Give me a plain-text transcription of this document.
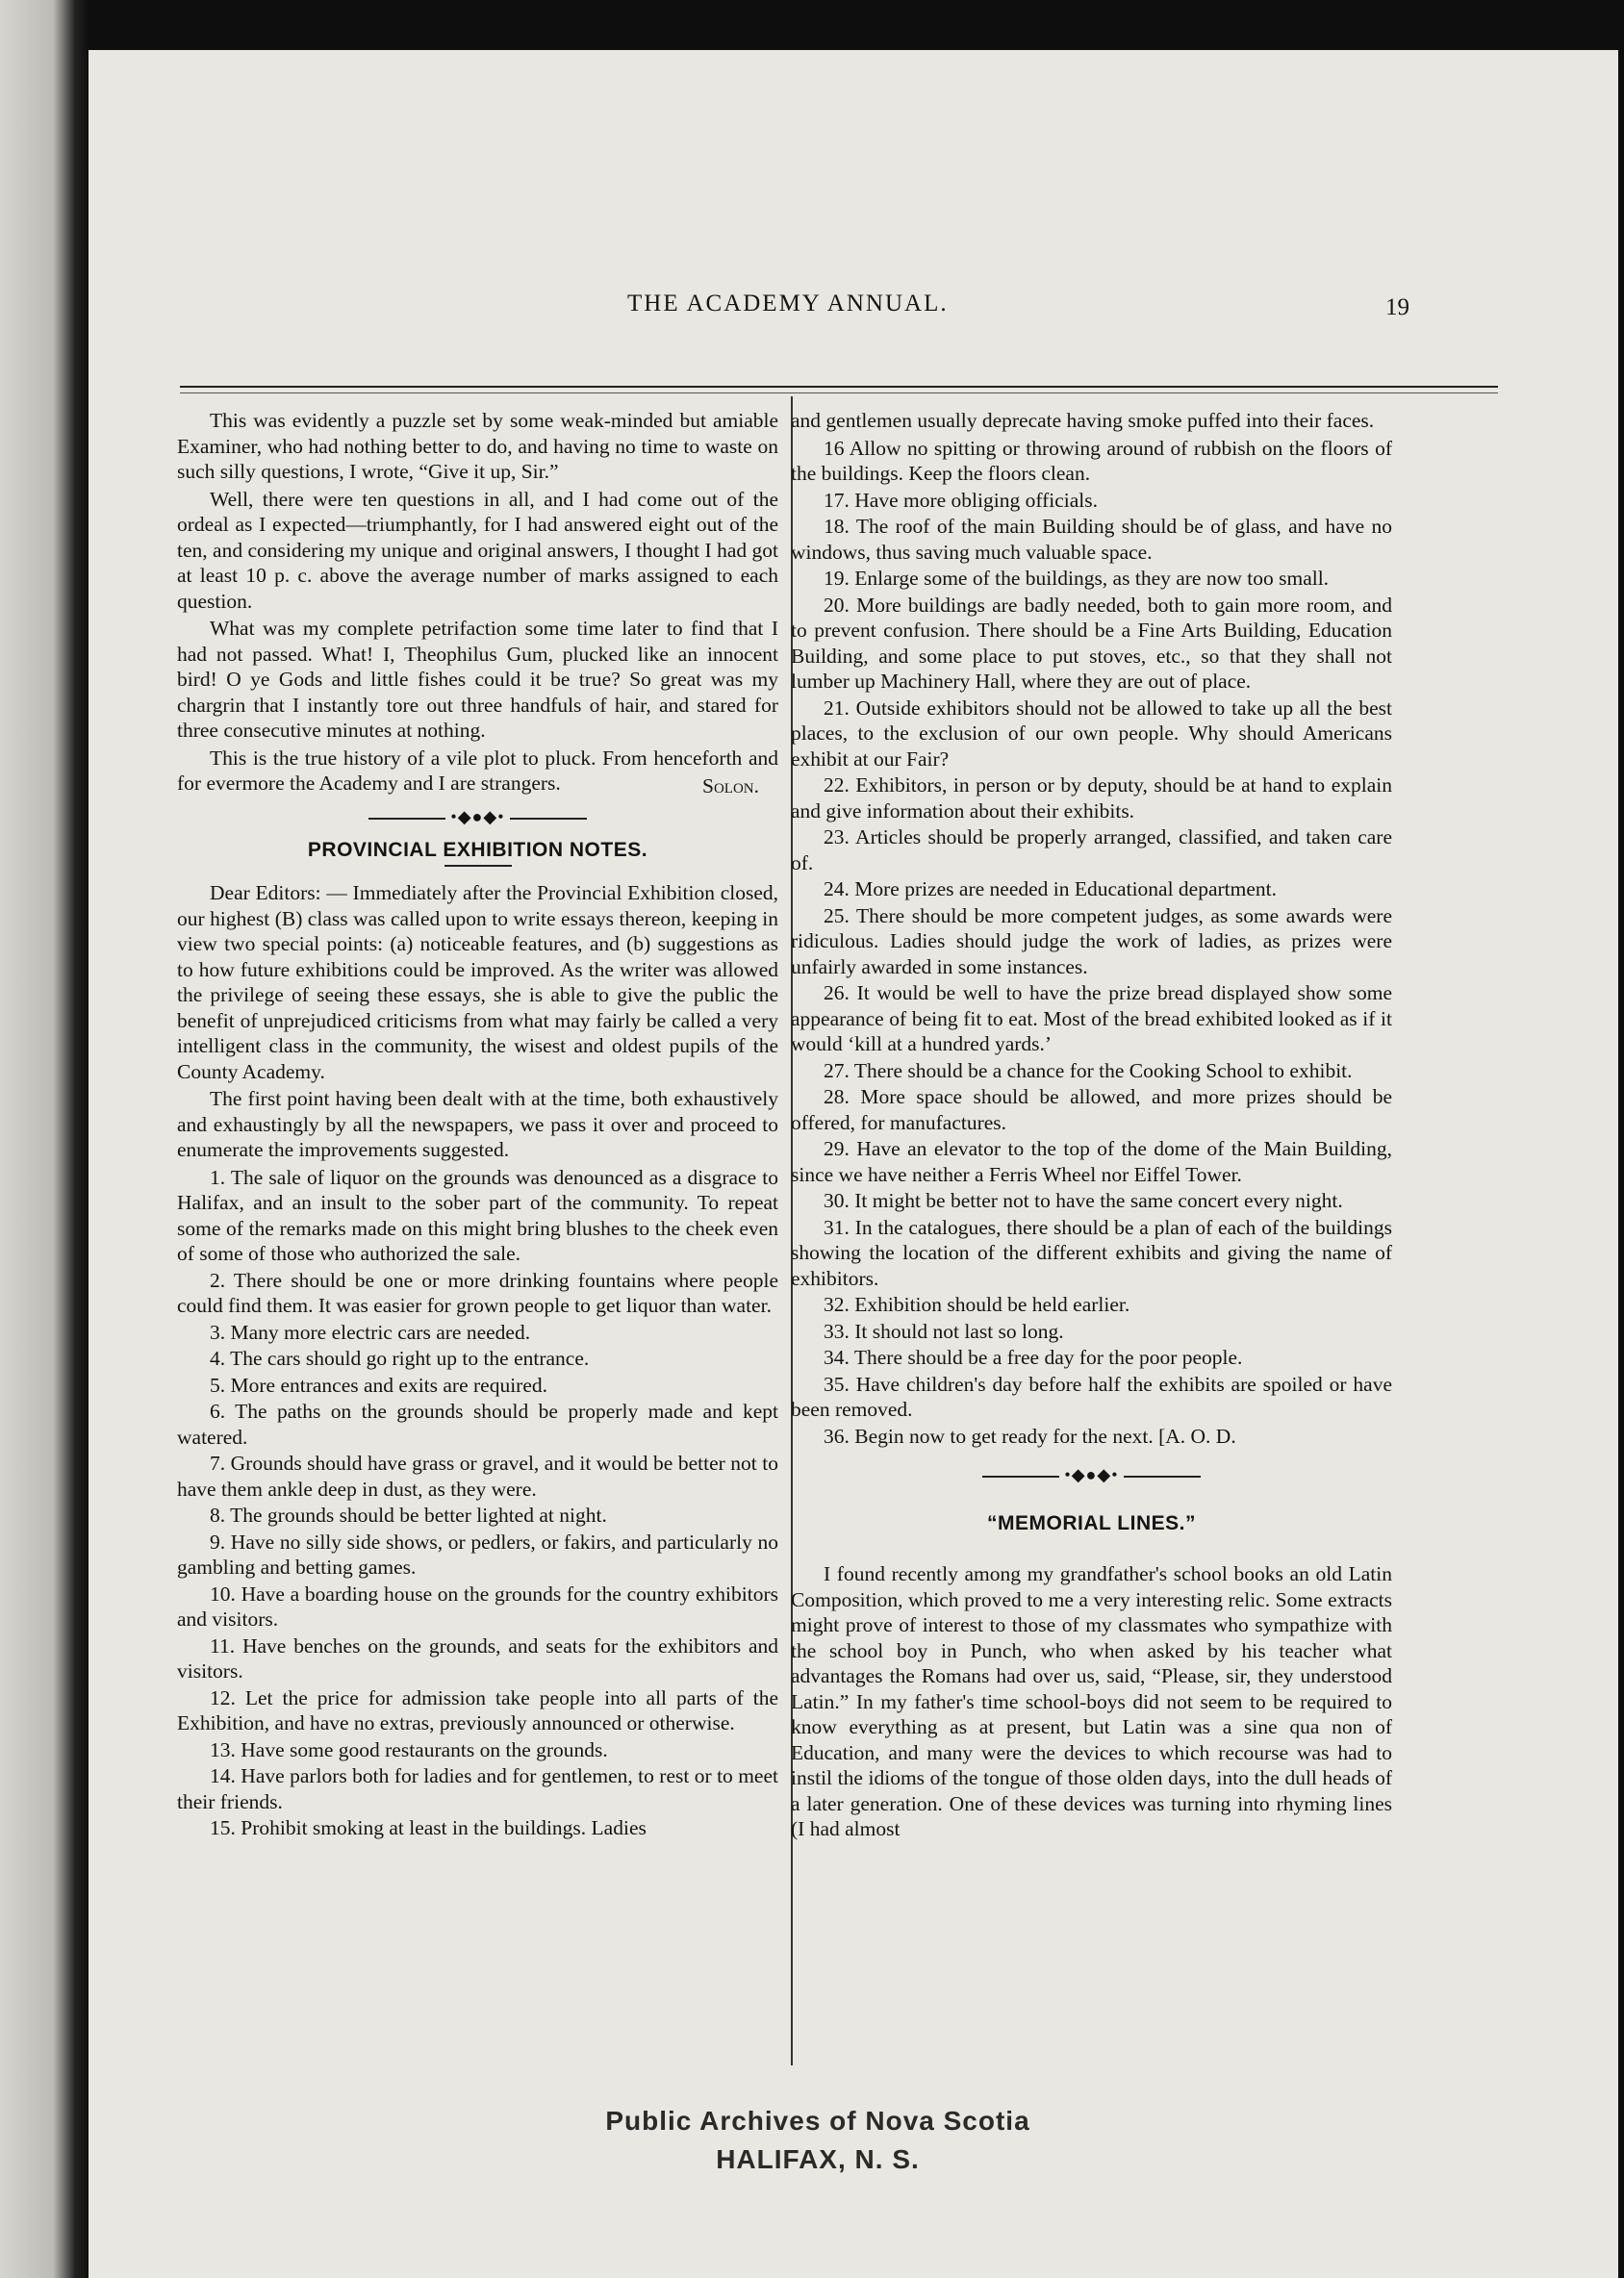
THE ACADEMY ANNUAL.	19

This was evidently a puzzle set by some weak-minded but amiable Examiner, who had nothing better to do, and having no time to waste on such silly questions, I wrote, “Give it up, Sir.”

Well, there were ten questions in all, and I had come out of the ordeal as I expected—triumphantly, for I had answered eight out of the ten, and considering my unique and original answers, I thought I had got at least 10 p. c. above the average number of marks assigned to each question.

What was my complete petrifaction some time later to find that I had not passed. What! I, Theophilus Gum, plucked like an innocent bird! O ye Gods and little fishes could it be true? So great was my chargrin that I instantly tore out three handfuls of hair, and stared for three consecutive minutes at nothing.

This is the true history of a vile plot to pluck. From henceforth and for evermore the Academy and I are strangers.	Solon.
•◆●◆•
PROVINCIAL EXHIBITION NOTES.

Dear Editors: — Immediately after the Provincial Exhibition closed, our highest (B) class was called upon to write essays thereon, keeping in view two special points: (a) noticeable features, and (b) suggestions as to how future exhibitions could be improved. As the writer was allowed the privilege of seeing these essays, she is able to give the public the benefit of unprejudiced criticisms from what may fairly be called a very intelligent class in the community, the wisest and oldest pupils of the County Academy.

The first point having been dealt with at the time, both exhaustively and exhaustingly by all the newspapers, we pass it over and proceed to enumerate the improvements suggested.

1. The sale of liquor on the grounds was denounced as a disgrace to Halifax, and an insult to the sober part of the community. To repeat some of the remarks made on this might bring blushes to the cheek even of some of those who authorized the sale.
2. There should be one or more drinking fountains where people could find them. It was easier for grown people to get liquor than water.
3. Many more electric cars are needed.
4. The cars should go right up to the entrance.
5. More entrances and exits are required.
6. The paths on the grounds should be properly made and kept watered.
7. Grounds should have grass or gravel, and it would be better not to have them ankle deep in dust, as they were.
8. The grounds should be better lighted at night.
9. Have no silly side shows, or pedlers, or fakirs, and particularly no gambling and betting games.
10. Have a boarding house on the grounds for the country exhibitors and visitors.
11. Have benches on the grounds, and seats for the exhibitors and visitors.
12. Let the price for admission take people into all parts of the Exhibition, and have no extras, previously announced or otherwise.
13. Have some good restaurants on the grounds.
14. Have parlors both for ladies and for gentlemen, to rest or to meet their friends.
15. Prohibit smoking at least in the buildings. Ladies

and gentlemen usually deprecate having smoke puffed into their faces.

16 Allow no spitting or throwing around of rubbish on the floors of the buildings. Keep the floors clean.
17. Have more obliging officials.
18. The roof of the main Building should be of glass, and have no windows, thus saving much valuable space.
19. Enlarge some of the buildings, as they are now too small.
20. More buildings are badly needed, both to gain more room, and to prevent confusion. There should be a Fine Arts Building, Education Building, and some place to put stoves, etc., so that they shall not lumber up Machinery Hall, where they are out of place.
21. Outside exhibitors should not be allowed to take up all the best places, to the exclusion of our own people. Why should Americans exhibit at our Fair?
22. Exhibitors, in person or by deputy, should be at hand to explain and give information about their exhibits.
23. Articles should be properly arranged, classified, and taken care of.
24. More prizes are needed in Educational department.
25. There should be more competent judges, as some awards were ridiculous. Ladies should judge the work of ladies, as prizes were unfairly awarded in some instances.
26. It would be well to have the prize bread displayed show some appearance of being fit to eat. Most of the bread exhibited looked as if it would ‘kill at a hundred yards.’
27. There should be a chance for the Cooking School to exhibit.
28. More space should be allowed, and more prizes should be offered, for manufactures.
29. Have an elevator to the top of the dome of the Main Building, since we have neither a Ferris Wheel nor Eiffel Tower.
30. It might be better not to have the same concert every night.
31. In the catalogues, there should be a plan of each of the buildings showing the location of the different exhibits and giving the name of exhibitors.
32. Exhibition should be held earlier.
33. It should not last so long.
34. There should be a free day for the poor people.
35. Have children's day before half the exhibits are spoiled or have been removed.
36. Begin now to get ready for the next. [A. O. D.
•◆●◆•
“MEMORIAL LINES.”

I found recently among my grandfather's school books an old Latin Composition, which proved to me a very interesting relic. Some extracts might prove of interest to those of my classmates who sympathize with the school boy in Punch, who when asked by his teacher what advantages the Romans had over us, said, “Please, sir, they understood Latin.” In my father's time school-boys did not seem to be required to know everything as at present, but Latin was a sine qua non of Education, and many were the devices to which recourse was had to instil the idioms of the tongue of those olden days, into the dull heads of a later generation. One of these devices was turning into rhyming lines (I had almost

Public Archives of Nova Scotia
HALIFAX, N. S.
